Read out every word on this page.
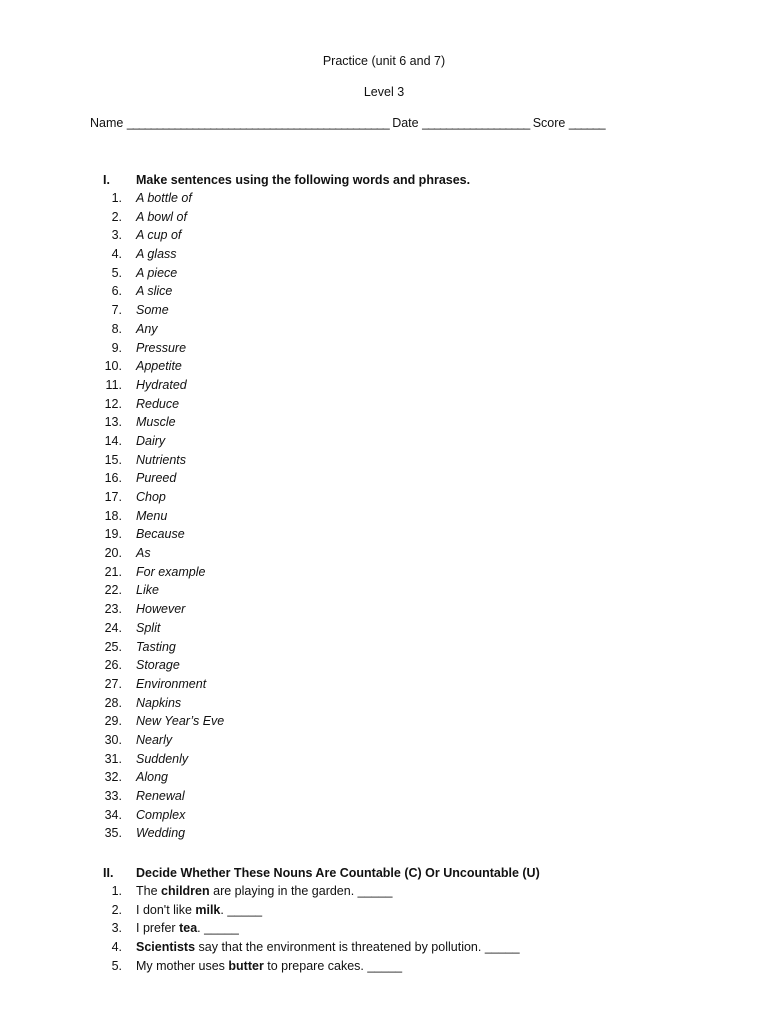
Practice (unit 6 and 7)
Level 3
Name ____________________________________________ Date __________________ Score ______
I. Make sentences using the following words and phrases.
1. A bottle of
2. A bowl of
3. A cup of
4. A glass
5. A piece
6. A slice
7. Some
8. Any
9. Pressure
10. Appetite
11. Hydrated
12. Reduce
13. Muscle
14. Dairy
15. Nutrients
16. Pureed
17. Chop
18. Menu
19. Because
20. As
21. For example
22. Like
23. However
24. Split
25. Tasting
26. Storage
27. Environment
28. Napkins
29. New Year’s Eve
30. Nearly
31. Suddenly
32. Along
33. Renewal
34. Complex
35. Wedding
II. Decide Whether These Nouns Are Countable (C) Or Uncountable (U)
1. The children are playing in the garden. _____
2. I don't like milk. _____
3. I prefer tea. _____
4. Scientists say that the environment is threatened by pollution. _____
5. My mother uses butter to prepare cakes. _____
